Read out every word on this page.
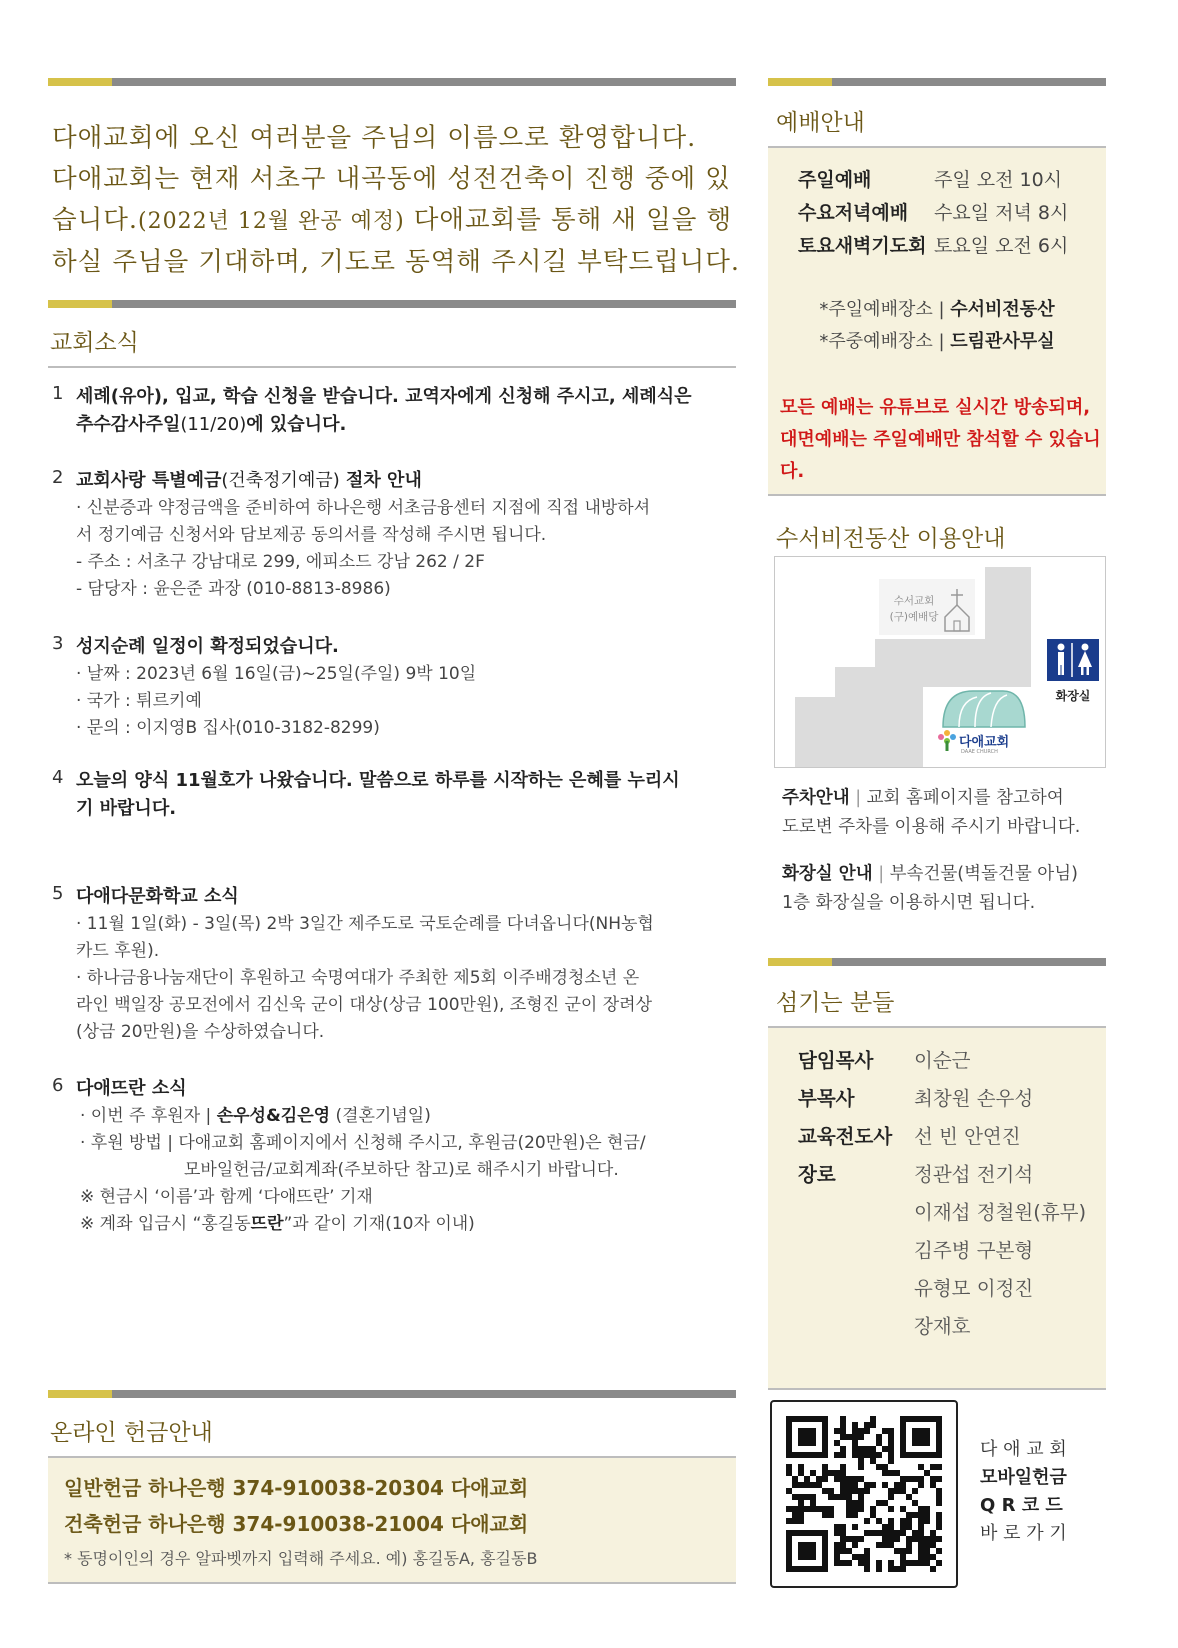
다애교회에 오신 여러분을 주님의 이름으로 환영합니다.
다애교회는 현재 서초구 내곡동에 성전건축이 진행 중에 있
습니다.(2022년 12월 완공 예정) 다애교회를 통해 새 일을 행
하실 주님을 기대하며, 기도로 동역해 주시길 부탁드립니다.
교회소식
1 세례(유아), 입교, 학습 신청을 받습니다. 교역자에게 신청해 주시고, 세례식은
추수감사주일(11/20)에 있습니다.
2 교회사랑 특별예금(건축정기예금) 절차 안내
· 신분증과 약정금액을 준비하여 하나은행 서초금융센터 지점에 직접 내방하셔
서 정기예금 신청서와 담보제공 동의서를 작성해 주시면 됩니다.
- 주소 : 서초구 강남대로 299, 에피소드 강남 262 / 2F
- 담당자 : 윤은준 과장 (010-8813-8986)
3 성지순례 일정이 확정되었습니다.
· 날짜 : 2023년 6월 16일(금)~25일(주일) 9박 10일
· 국가 : 튀르키예
· 문의 : 이지영B 집사(010-3182-8299)
4 오늘의 양식 11월호가 나왔습니다. 말씀으로 하루를 시작하는 은혜를 누리시
기 바랍니다.
5 다애다문화학교 소식
· 11월 1일(화) - 3일(목) 2박 3일간 제주도로 국토순례를 다녀옵니다(NH농협
카드 후원).
· 하나금융나눔재단이 후원하고 숙명여대가 주최한 제5회 이주배경청소년 온
라인 백일장 공모전에서 김신욱 군이 대상(상금 100만원), 조형진 군이 장려상
(상금 20만원)을 수상하였습니다.
6 다애뜨란 소식
· 이번 주 후원자 | 손우성&김은영 (결혼기념일)
· 후원 방법 | 다애교회 홈페이지에서 신청해 주시고, 후원금(20만원)은 현금/
모바일헌금/교회계좌(주보하단 참고)로 해주시기 바랍니다.
※ 현금시 ‘이름’과 함께 ‘다애뜨란’ 기재
※ 계좌 입금시 “홍길동뜨란”과 같이 기재(10자 이내)
온라인 헌금안내
일반헌금 하나은행 374-910038-20304 다애교회
건축헌금 하나은행 374-910038-21004 다애교회
* 동명이인의 경우 알파벳까지 입력해 주세요. 예) 홍길동A, 홍길동B
예배안내
주일예배	주일 오전 10시
수요저녁예배 수요일 저녁 8시
토요새벽기도회 토요일 오전 6시
*주일예배장소 | 수서비전동산
*주중예배장소 | 드림관사무실
모든 예배는 유튜브로 실시간 방송되며,
대면예배는 주일예배만 참석할 수 있습니
다.
수서비전동산 이용안내
수서교회
(구)예배당
화장실
다애교회
DAAE CHURCH
주차안내 | 교회 홈페이지를 참고하여
도로변 주차를 이용해 주시기 바랍니다.
화장실 안내 | 부속건물(벽돌건물 아님)
1층 화장실을 이용하시면 됩니다.
섬기는 분들
담임목사 이순근
부목사	최창원 손우성
교육전도사 선 빈 안연진
장로	정관섭 전기석
이재섭 정철원(휴무)
김주병 구본형
유형모 이정진
장재호
다 애 교 회
모바일헌금
Q R 코 드
바 로 가 기
